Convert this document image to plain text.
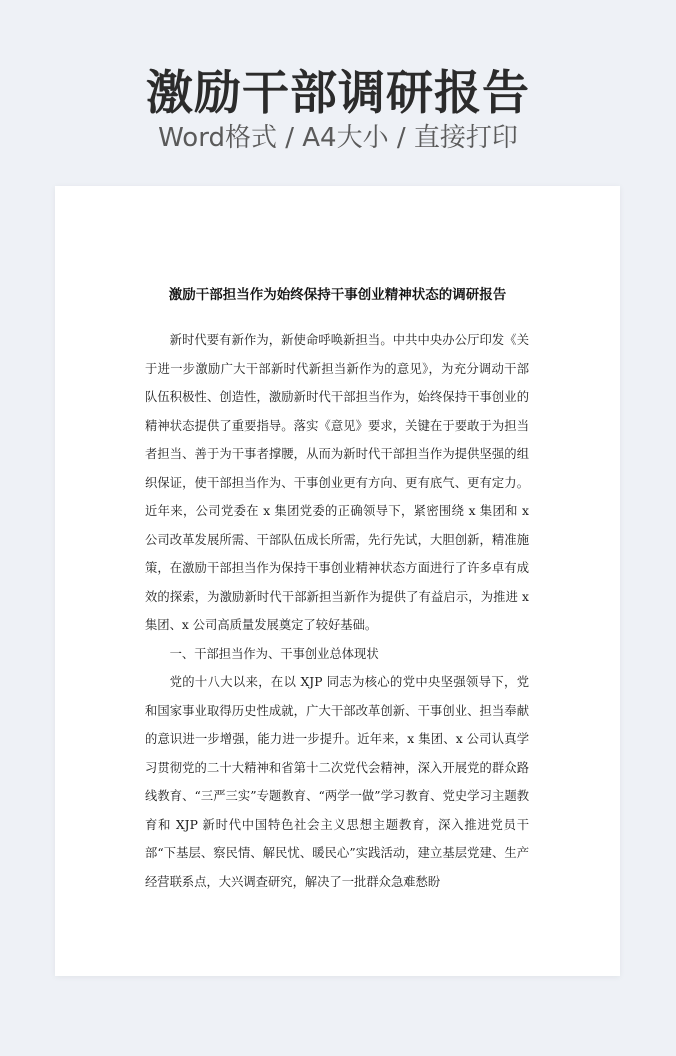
激励干部调研报告
Word格式 / A4大小 / 直接打印
激励干部担当作为始终保持干事创业精神状态的调研报告

新时代要有新作为，新使命呼唤新担当。中共中央办公厅印发《关于进一步激励广大干部新时代新担当新作为的意见》，为充分调动干部队伍积极性、创造性，激励新时代干部担当作为，始终保持干事创业的精神状态提供了重要指导。落实《意见》要求，关键在于要敢于为担当者担当、善于为干事者撑腰，从而为新时代干部担当作为提供坚强的组织保证，使干部担当作为、干事创业更有方向、更有底气、更有定力。近年来，公司党委在 x 集团党委的正确领导下，紧密围绕 x 集团和 x 公司改革发展所需、干部队伍成长所需，先行先试，大胆创新，精准施策，在激励干部担当作为保持干事创业精神状态方面进行了许多卓有成效的探索，为激励新时代干部新担当新作为提供了有益启示，为推进 x 集团、x 公司高质量发展奠定了较好基础。

一、干部担当作为、干事创业总体现状

党的十八大以来，在以 XJP 同志为核心的党中央坚强领导下，党和国家事业取得历史性成就，广大干部改革创新、干事创业、担当奉献的意识进一步增强，能力进一步提升。近年来，x 集团、x 公司认真学习贯彻党的二十大精神和省第十二次党代会精神，深入开展党的群众路线教育、“三严三实”专题教育、“两学一做”学习教育、党史学习主题教育和 XJP 新时代中国特色社会主义思想主题教育，深入推进党员干部“下基层、察民情、解民忧、暖民心”实践活动，建立基层党建、生产经营联系点，大兴调查研究，解决了一批群众急难愁盼
